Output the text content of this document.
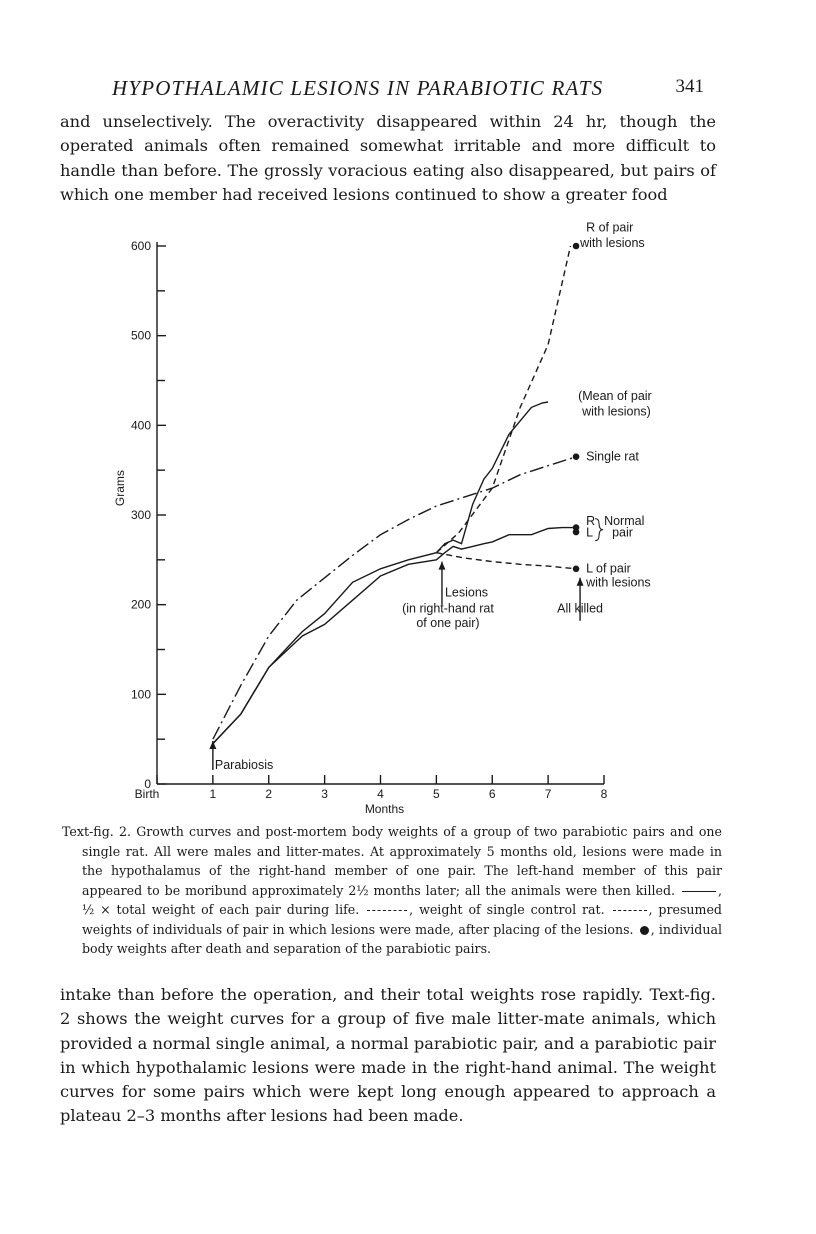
HYPOTHALAMIC LESIONS IN PARABIOTIC RATS	341

and unselectively. The overactivity disappeared within 24 hr, though the operated animals often remained somewhat irritable and more difficult to handle than before. The grossly voracious eating also disappeared, but pairs of which one member had received lesions continued to show a greater food

0
100
200
300
400
500
600
Grams
Birth	1	2	3	4	5	6	7	8
Months
Parabiosis
Lesions
(in right-hand rat
of one pair)
R of pair
with lesions
(Mean of pair
with lesions)
Single rat
R
L
Normal
pair
L of pair
with lesions
All killed

Text-fig. 2. Growth curves and post-mortem body weights of a group of two parabiotic pairs and one single rat. All were males and litter-mates. At approximately 5 months old, lesions were made in the hypothalamus of the right-hand member of one pair. The left-hand member of this pair appeared to be moribund approximately 2½ months later; all the animals were then killed.	, ½ × total weight of each pair during life.	, weight of single control rat.	, presumed weights of individuals of pair in which lesions were made, after placing of the lesions. , individual body weights after death and separation of the parabiotic pairs.

intake than before the operation, and their total weights rose rapidly. Text-fig. 2 shows the weight curves for a group of five male litter-mate animals, which provided a normal single animal, a normal parabiotic pair, and a parabiotic pair in which hypothalamic lesions were made in the right-hand animal. The weight curves for some pairs which were kept long enough appeared to approach a plateau 2–3 months after lesions had been made.
